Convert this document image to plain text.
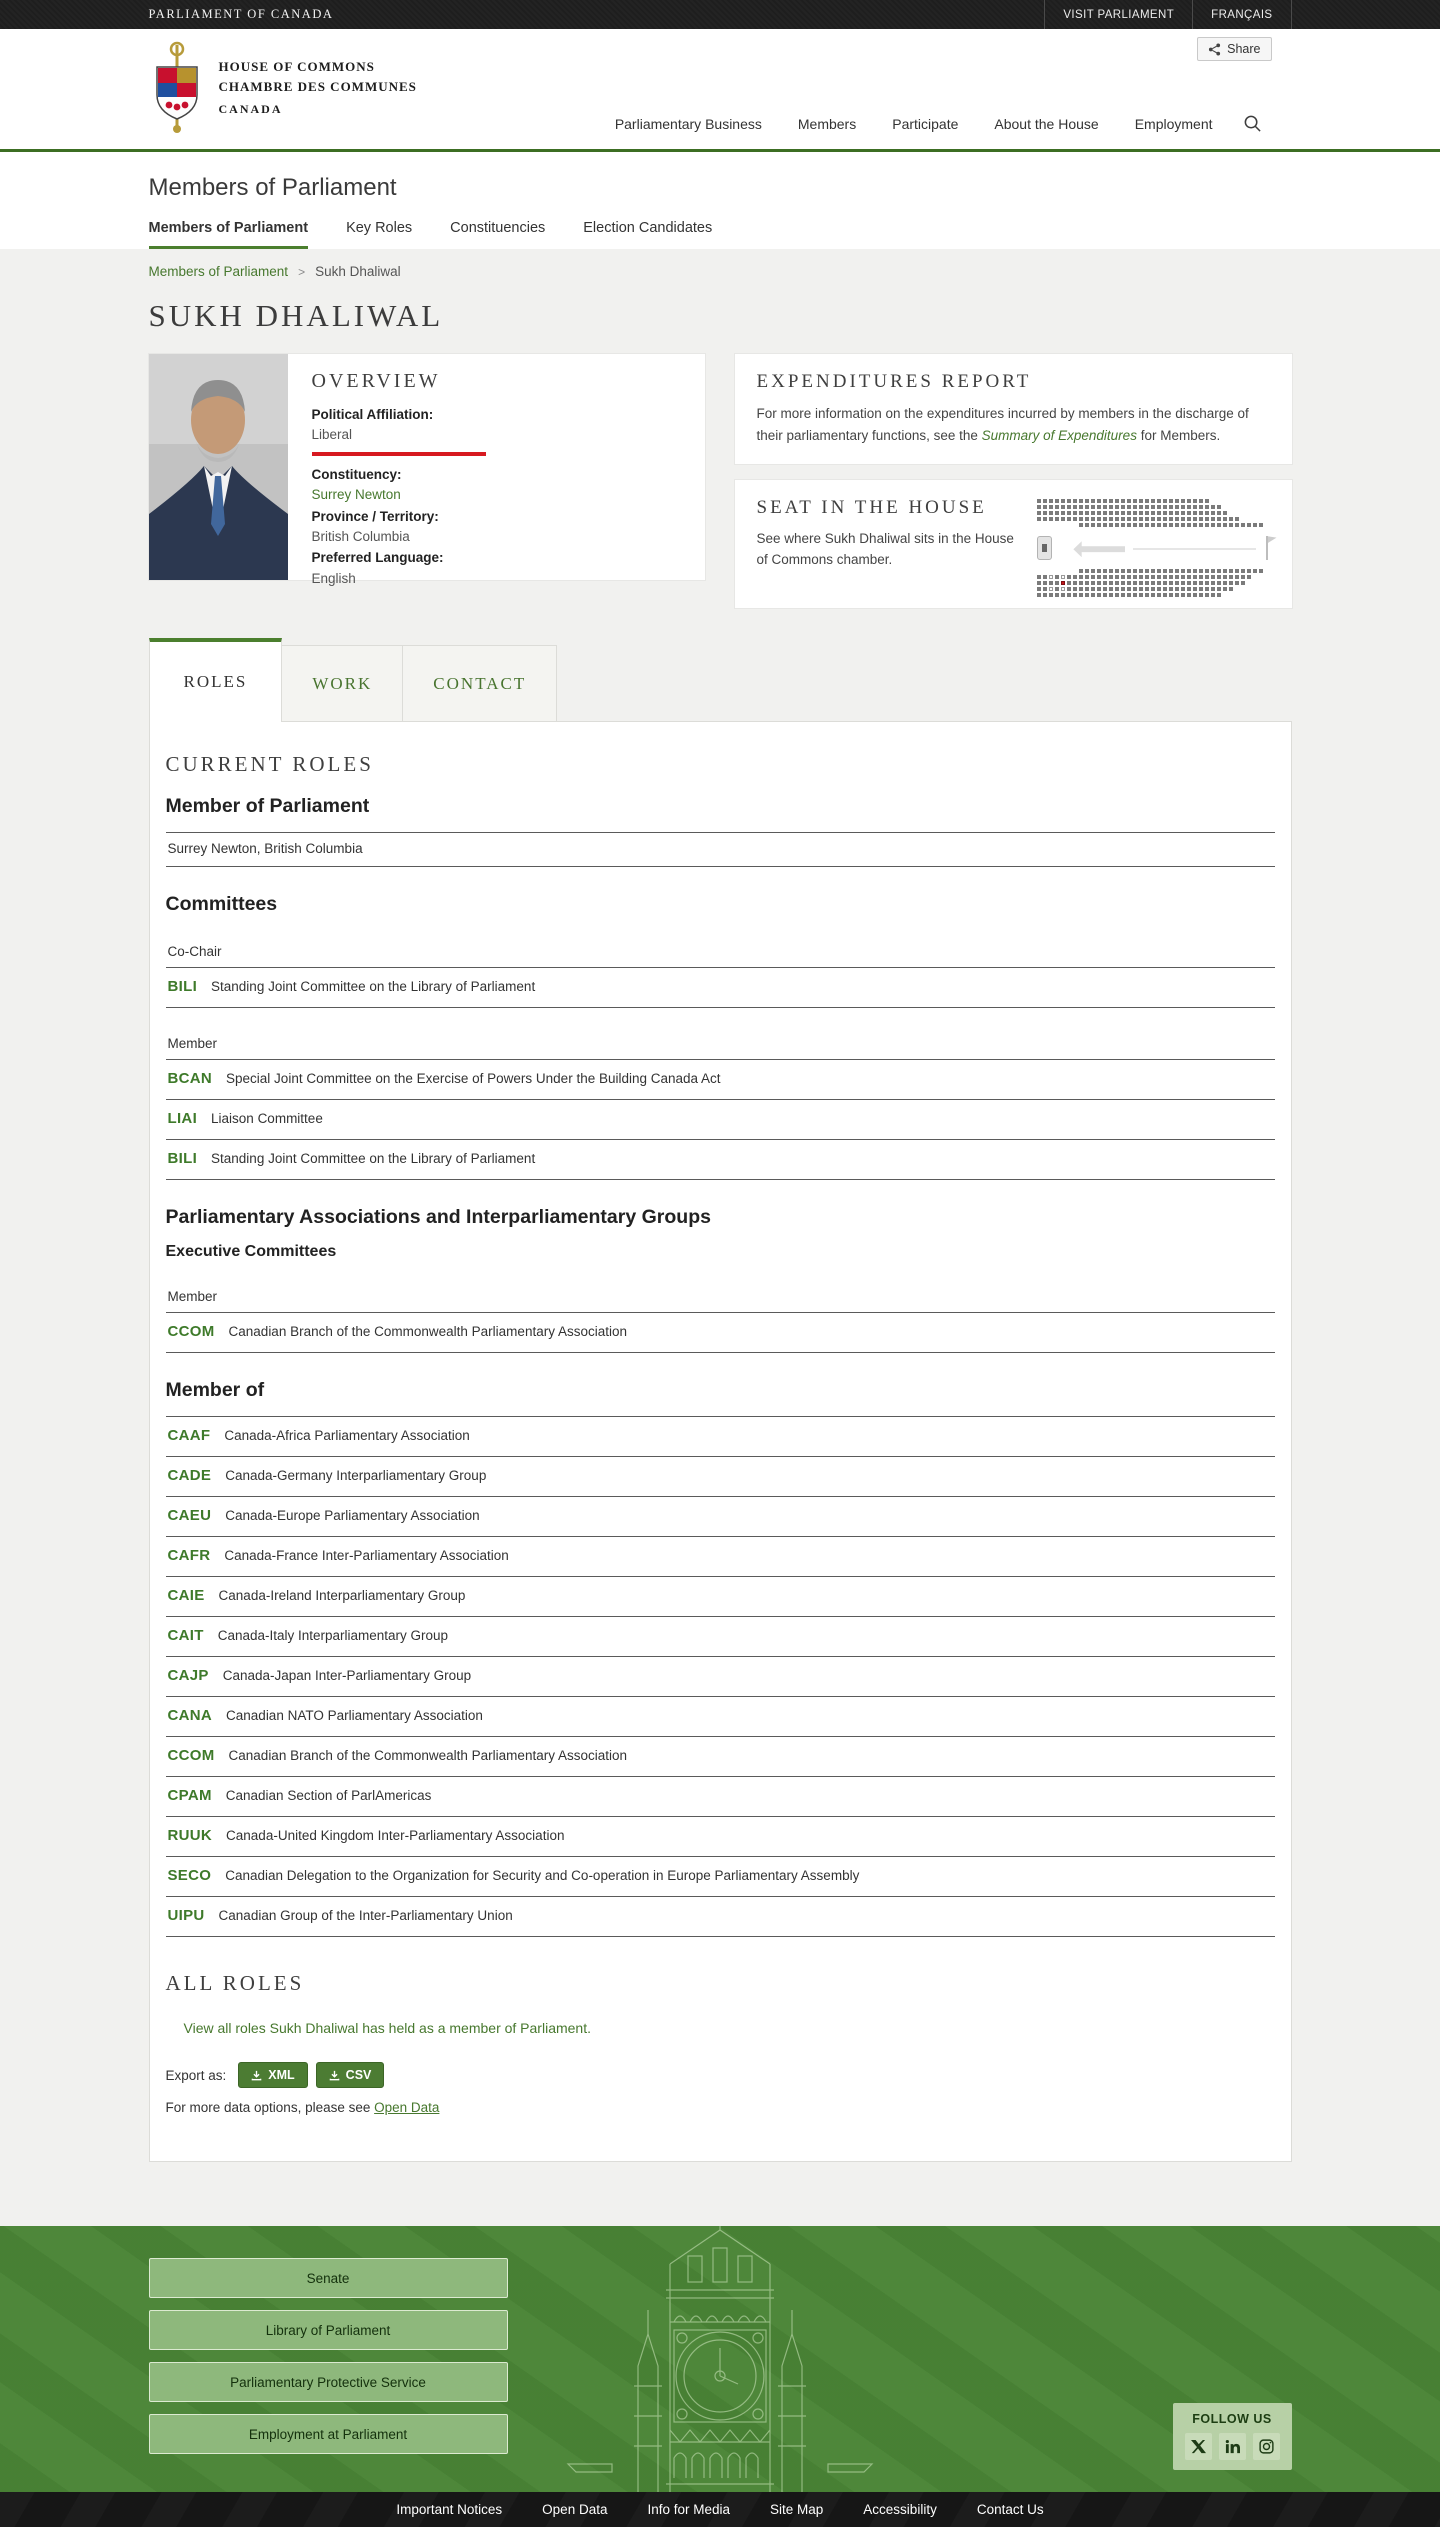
PARLIAMENT OF CANADA	VISIT PARLIAMENT	FRANÇAIS
HOUSE OF COMMONS
CHAMBRE DES COMMUNES
CANADA
Share
Parliamentary Business	Members	Participate	About the House	Employment
Members of Parliament
Members of Parliament	Key Roles	Constituencies	Election Candidates
Members of Parliament > Sukh Dhaliwal
SUKH DHALIWAL
OVERVIEW
Political Affiliation:
Liberal
Constituency:
Surrey Newton
Province / Territory:
British Columbia
Preferred Language:
English
EXPENDITURES REPORT

For more information on the expenditures incurred by members in the discharge of their parliamentary functions, see the Summary of Expenditures for Members.

SEAT IN THE HOUSE

See where Sukh Dhaliwal sits in the House of Commons chamber.

ROLES	WORK	CONTACT
CURRENT ROLES
Member of Parliament
Surrey Newton, British Columbia
Committees
Co-Chair
BILI Standing Joint Committee on the Library of Parliament
Member
BCAN Special Joint Committee on the Exercise of Powers Under the Building Canada Act
LIAI Liaison Committee
BILI Standing Joint Committee on the Library of Parliament
Parliamentary Associations and Interparliamentary Groups
Executive Committees
Member
CCOM Canadian Branch of the Commonwealth Parliamentary Association
Member of
CAAF Canada-Africa Parliamentary Association
CADE Canada-Germany Interparliamentary Group
CAEU Canada-Europe Parliamentary Association
CAFR Canada-France Inter-Parliamentary Association
CAIE Canada-Ireland Interparliamentary Group
CAIT Canada-Italy Interparliamentary Group
CAJP Canada-Japan Inter-Parliamentary Group
CANA Canadian NATO Parliamentary Association
CCOM Canadian Branch of the Commonwealth Parliamentary Association
CPAM Canadian Section of ParlAmericas
RUUK Canada-United Kingdom Inter-Parliamentary Association
SECO Canadian Delegation to the Organization for Security and Co-operation in Europe Parliamentary Assembly
UIPU Canadian Group of the Inter-Parliamentary Union
ALL ROLES
View all roles Sukh Dhaliwal has held as a member of Parliament.
Export as:	XML	CSV
For more data options, please see Open Data
Senate
Library of Parliament
Parliamentary Protective Service
Employment at Parliament
FOLLOW US
Important Notices	Open Data	Info for Media	Site Map	Accessibility	Contact Us
